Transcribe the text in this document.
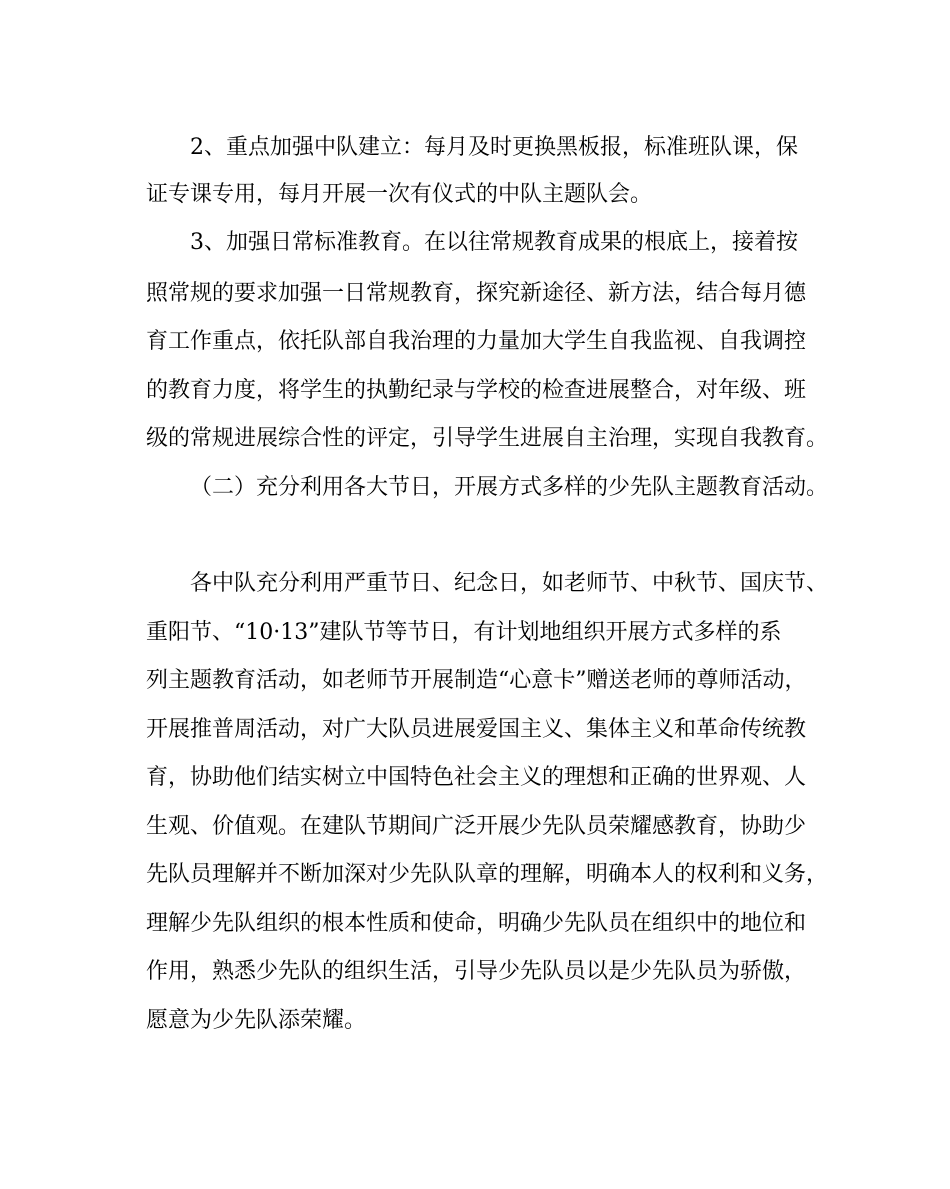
2、重点加强中队建立：每月及时更换黑板报，标准班队课，保
证专课专用，每月开展一次有仪式的中队主题队会。
3、加强日常标准教育。在以往常规教育成果的根底上，接着按
照常规的要求加强一日常规教育，探究新途径、新方法，结合每月德
育工作重点，依托队部自我治理的力量加大学生自我监视、自我调控
的教育力度，将学生的执勤纪录与学校的检查进展整合，对年级、班
级的常规进展综合性的评定，引导学生进展自主治理，实现自我教育。
（二）充分利用各大节日，开展方式多样的少先队主题教育活动。
各中队充分利用严重节日、纪念日，如老师节、中秋节、国庆节、
重阳节、“10·13”建队节等节日，有计划地组织开展方式多样的系
列主题教育活动，如老师节开展制造“心意卡”赠送老师的尊师活动，
开展推普周活动，对广大队员进展爱国主义、集体主义和革命传统教
育，协助他们结实树立中国特色社会主义的理想和正确的世界观、人
生观、价值观。在建队节期间广泛开展少先队员荣耀感教育，协助少
先队员理解并不断加深对少先队队章的理解，明确本人的权利和义务，
理解少先队组织的根本性质和使命，明确少先队员在组织中的地位和
作用，熟悉少先队的组织生活，引导少先队员以是少先队员为骄傲，
愿意为少先队添荣耀。
